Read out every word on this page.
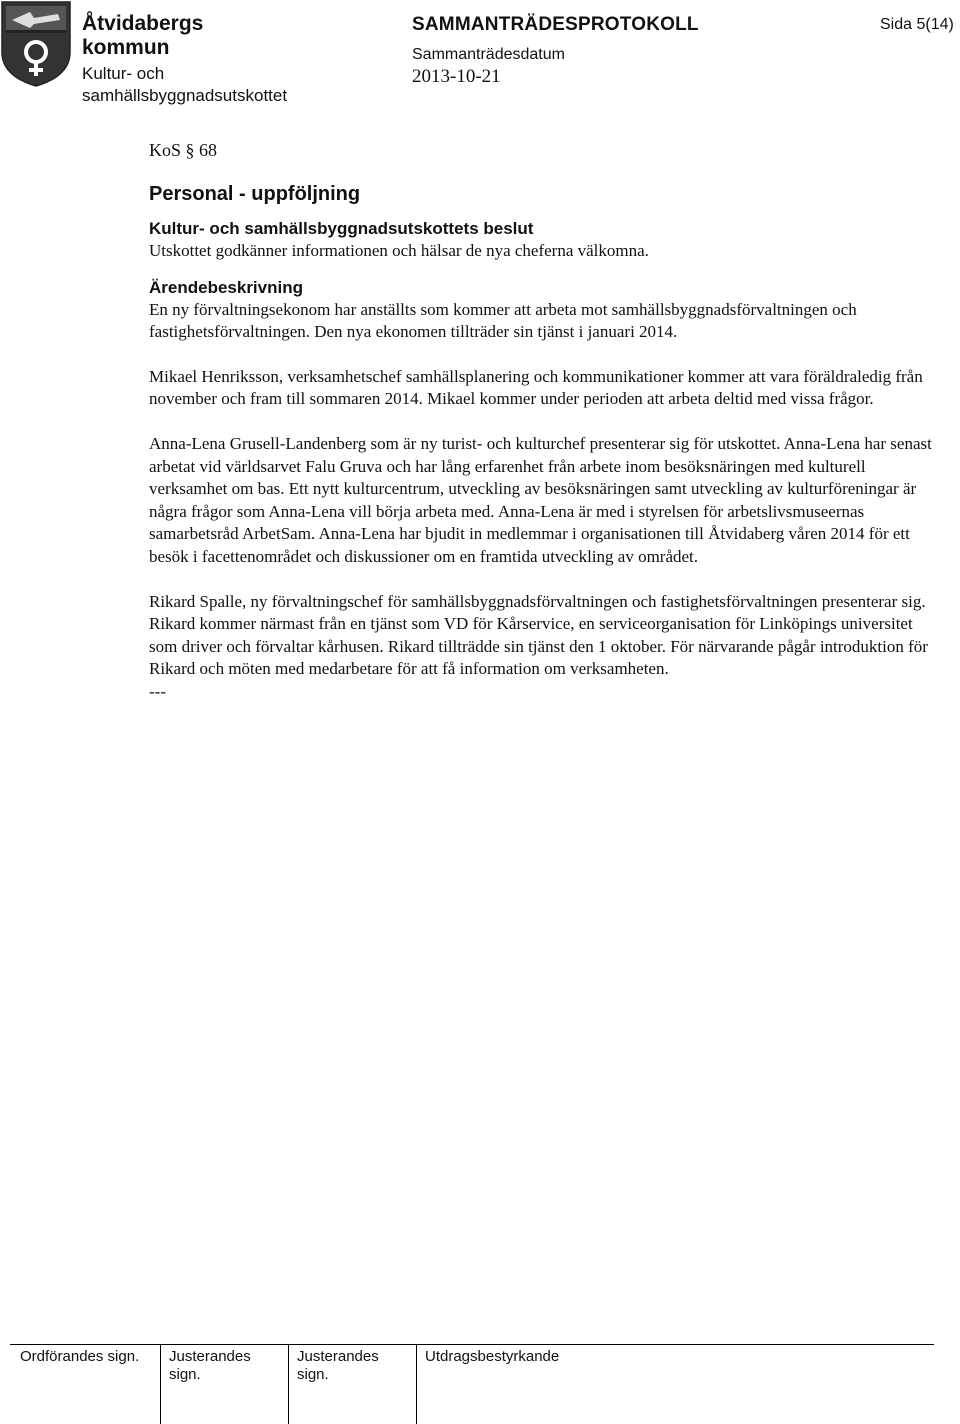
Åtvidabergs
kommun
Kultur- och
samhällsbyggnadsutskottet
SAMMANTRÄDESPROTOKOLL
Sammanträdesdatum
2013-10-21
Sida 5(14)

KoS § 68

Personal - uppföljning

Kultur- och samhällsbyggnadsutskottets beslut

Utskottet godkänner informationen och hälsar de nya cheferna välkomna.

Ärendebeskrivning

En ny förvaltningsekonom har anställts som kommer att arbeta mot samhällsbyggnadsförvaltningen och fastighetsförvaltningen. Den nya ekonomen tillträder sin tjänst i januari 2014.

Mikael Henriksson, verksamhetschef samhällsplanering och kommunikationer kommer att vara föräldraledig från november och fram till sommaren 2014. Mikael kommer under perioden att arbeta deltid med vissa frågor.

Anna-Lena Grusell-Landenberg som är ny turist- och kulturchef presenterar sig för utskottet. Anna-Lena har senast arbetat vid världsarvet Falu Gruva och har lång erfarenhet från arbete inom besöksnäringen med kulturell verksamhet om bas. Ett nytt kulturcentrum, utveckling av besöksnäringen samt utveckling av kulturföreningar är några frågor som Anna-Lena vill börja arbeta med. Anna-Lena är med i styrelsen för arbetslivsmuseernas samarbetsråd ArbetSam. Anna-Lena har bjudit in medlemmar i organisationen till Åtvidaberg våren 2014 för ett besök i facettenområdet och diskussioner om en framtida utveckling av området.

Rikard Spalle, ny förvaltningschef för samhällsbyggnadsförvaltningen och fastighetsförvaltningen presenterar sig. Rikard kommer närmast från en tjänst som VD för Kårservice, en serviceorganisation för Linköpings universitet som driver och förvaltar kårhusen. Rikard tillträdde sin tjänst den 1 oktober. För närvarande pågår introduktion för Rikard och möten med medarbetare för att få information om verksamheten.

---
Ordförandes sign.	Justerandes
sign.
Justerandes
sign.
Utdragsbestyrkande
